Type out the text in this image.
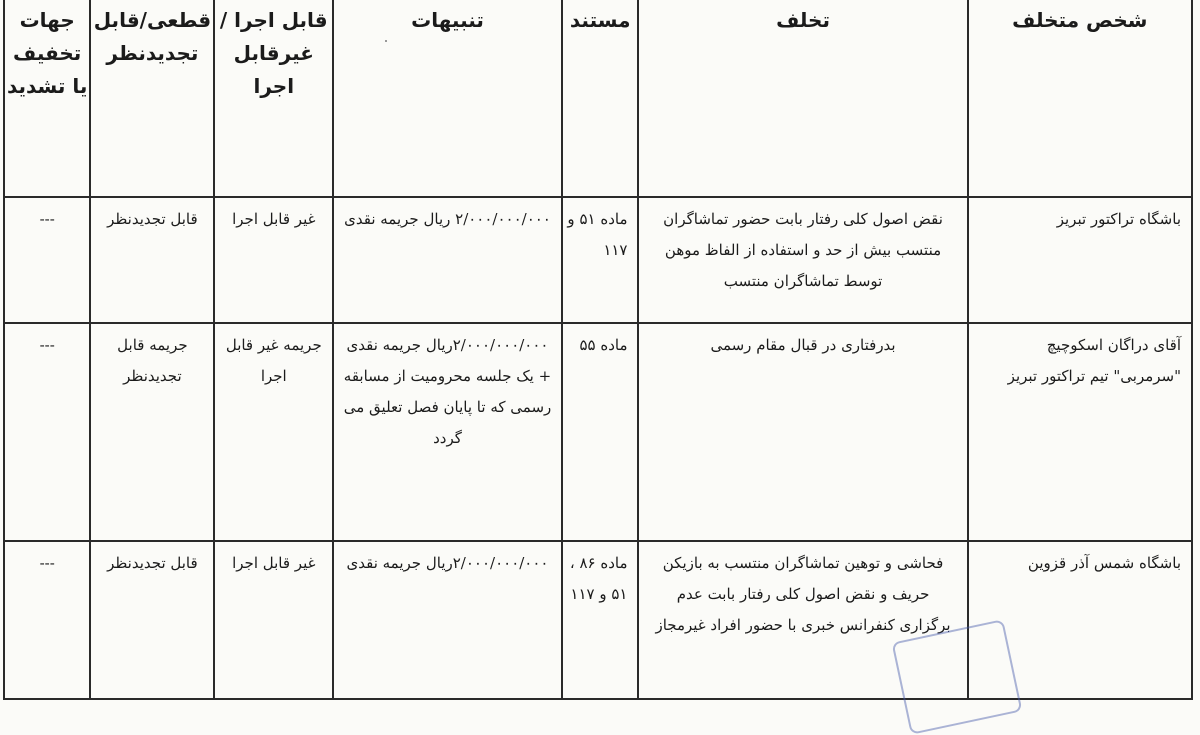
شخص متخلف	تخلف	مستند	تنبیهات	قابل اجرا /غیرقابل اجرا	قطعی/قابل تجدیدنظر	جهات تخفیف یا تشدید
باشگاه تراکتور تبریز	نقض اصول کلی رفتار بابت حضور تماشاگران منتسب بیش از حد و استفاده از الفاظ موهن توسط تماشاگران منتسب	ماده ۵۱ و ۱۱۷	۲/۰۰۰/۰۰۰/۰۰۰ ریال جریمه نقدی	غیر قابل اجرا	قابل تجدیدنظر	---
آقای دراگان اسکوچیچ "سرمربی" تیم تراکتور تبریز	بدرفتاری در قبال مقام رسمی	ماده ۵۵	۲/۰۰۰/۰۰۰/۰۰۰ریال جریمه نقدی + یک جلسه محرومیت از مسابقه رسمی که تا پایان فصل تعلیق می گردد	جریمه غیر قابل اجرا	جریمه قابل تجدیدنظر	---
باشگاه شمس آذر قزوین	فحاشی و توهین تماشاگران منتسب به بازیکن حریف و نقض اصول کلی رفتار بابت عدم برگزاری کنفرانس خبری با حضور افراد غیرمجاز	ماده ۸۶ ، ۵۱ و ۱۱۷	۲/۰۰۰/۰۰۰/۰۰۰ریال جریمه نقدی	غیر قابل اجرا	قابل تجدیدنظر	---
